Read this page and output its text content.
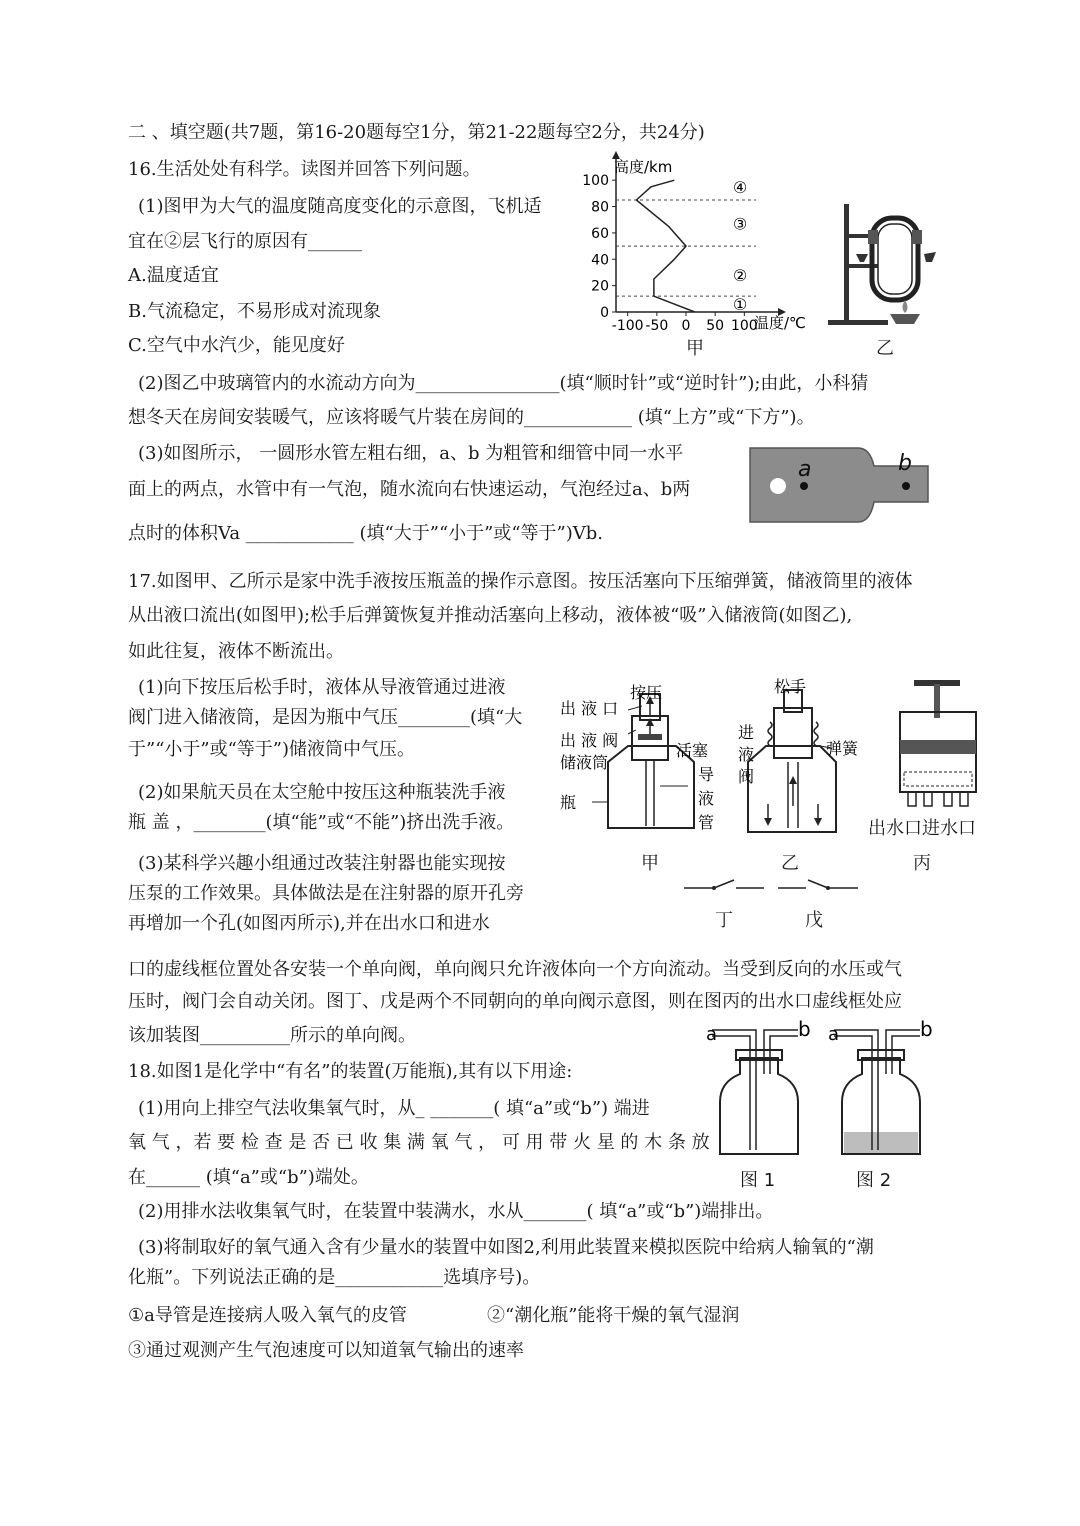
二 、填空题(共7题，第16-20题每空1分，第21-22题每空2分，共24分)
16.生活处处有科学。读图并回答下列问题。
(1)图甲为大气的温度随高度变化的示意图，飞机适
宜在②层飞行的原因有______
A.温度适宜
B.气流稳定，不易形成对流现象
C.空气中水汽少，能见度好
(2)图乙中玻璃管内的水流动方向为________________(填“顺时针”或“逆时针”);由此，小科猜
想冬天在房间安装暖气，应该将暖气片装在房间的____________ (填“上方”或“下方”)。
(3)如图所示， 一圆形水管左粗右细，a、b 为粗管和细管中同一水平
面上的两点，水管中有一气泡，随水流向右快速运动，气泡经过a、b两
点时的体积Va ____________ (填“大于”“小于”或“等于”)Vb.
0
20
40
60
80
100
-100 -50 0 50 100
①
②
③
④
温度/℃
高度/km
甲	乙
a	b
17.如图甲、乙所示是家中洗手液按压瓶盖的操作示意图。按压活塞向下压缩弹簧，储液筒里的液体
从出液口流出(如图甲);松手后弹簧恢复并推动活塞向上移动，液体被“吸”入储液筒(如图乙),
如此往复，液体不断流出。
(1)向下按压后松手时，液体从导液管通过进液
阀门进入储液筒，是因为瓶中气压________(填“大
于”“小于”或“等于”)储液筒中气压。
(2)如果航天员在太空舱中按压这种瓶装洗手液
瓶 盖 ，________(填“能”或“不能”)挤出洗手液。
(3)某科学兴趣小组通过改装注射器也能实现按
压泵的工作效果。具体做法是在注射器的原开孔旁
再增加一个孔(如图丙所示),并在出水口和进水
口的虚线框位置处各安装一个单向阀，单向阀只允许液体向一个方向流动。当受到反向的水压或气
压时，阀门会自动关闭。图丁、戊是两个不同朝向的单向阀示意图，则在图丙的出水口虚线框处应
该加装图__________所示的单向阀。
按压
出 液 口
出 液 阀
储液筒
活塞
导
液
管
瓶
甲
松手
进
液
阀
弹簧
乙
出水口 进水口
丙
丁	戊
18.如图1是化学中“有名”的装置(万能瓶),其有以下用途:
(1)用向上排空气法收集氧气时，从_ _______( 填“a”或“b”) 端进
氧 气 ，若 要 检 查 是 否 已 收 集 满 氧 气 ， 可 用 带 火 星 的 木 条 放
在______ (填“a”或“b”)端处。
(2)用排水法收集氧气时，在装置中装满水，水从_______( 填“a”或“b”)端排出。
(3)将制取好的氧气通入含有少量水的装置中如图2,利用此装置来模拟医院中给病人输氧的“潮
化瓶”。下列说法正确的是____________选填序号)。
①a导管是连接病人吸入氧气的皮管	②“潮化瓶”能将干燥的氧气湿润
③通过观测产生气泡速度可以知道氧气输出的速率
a	b
图 1
a	b
图 2
